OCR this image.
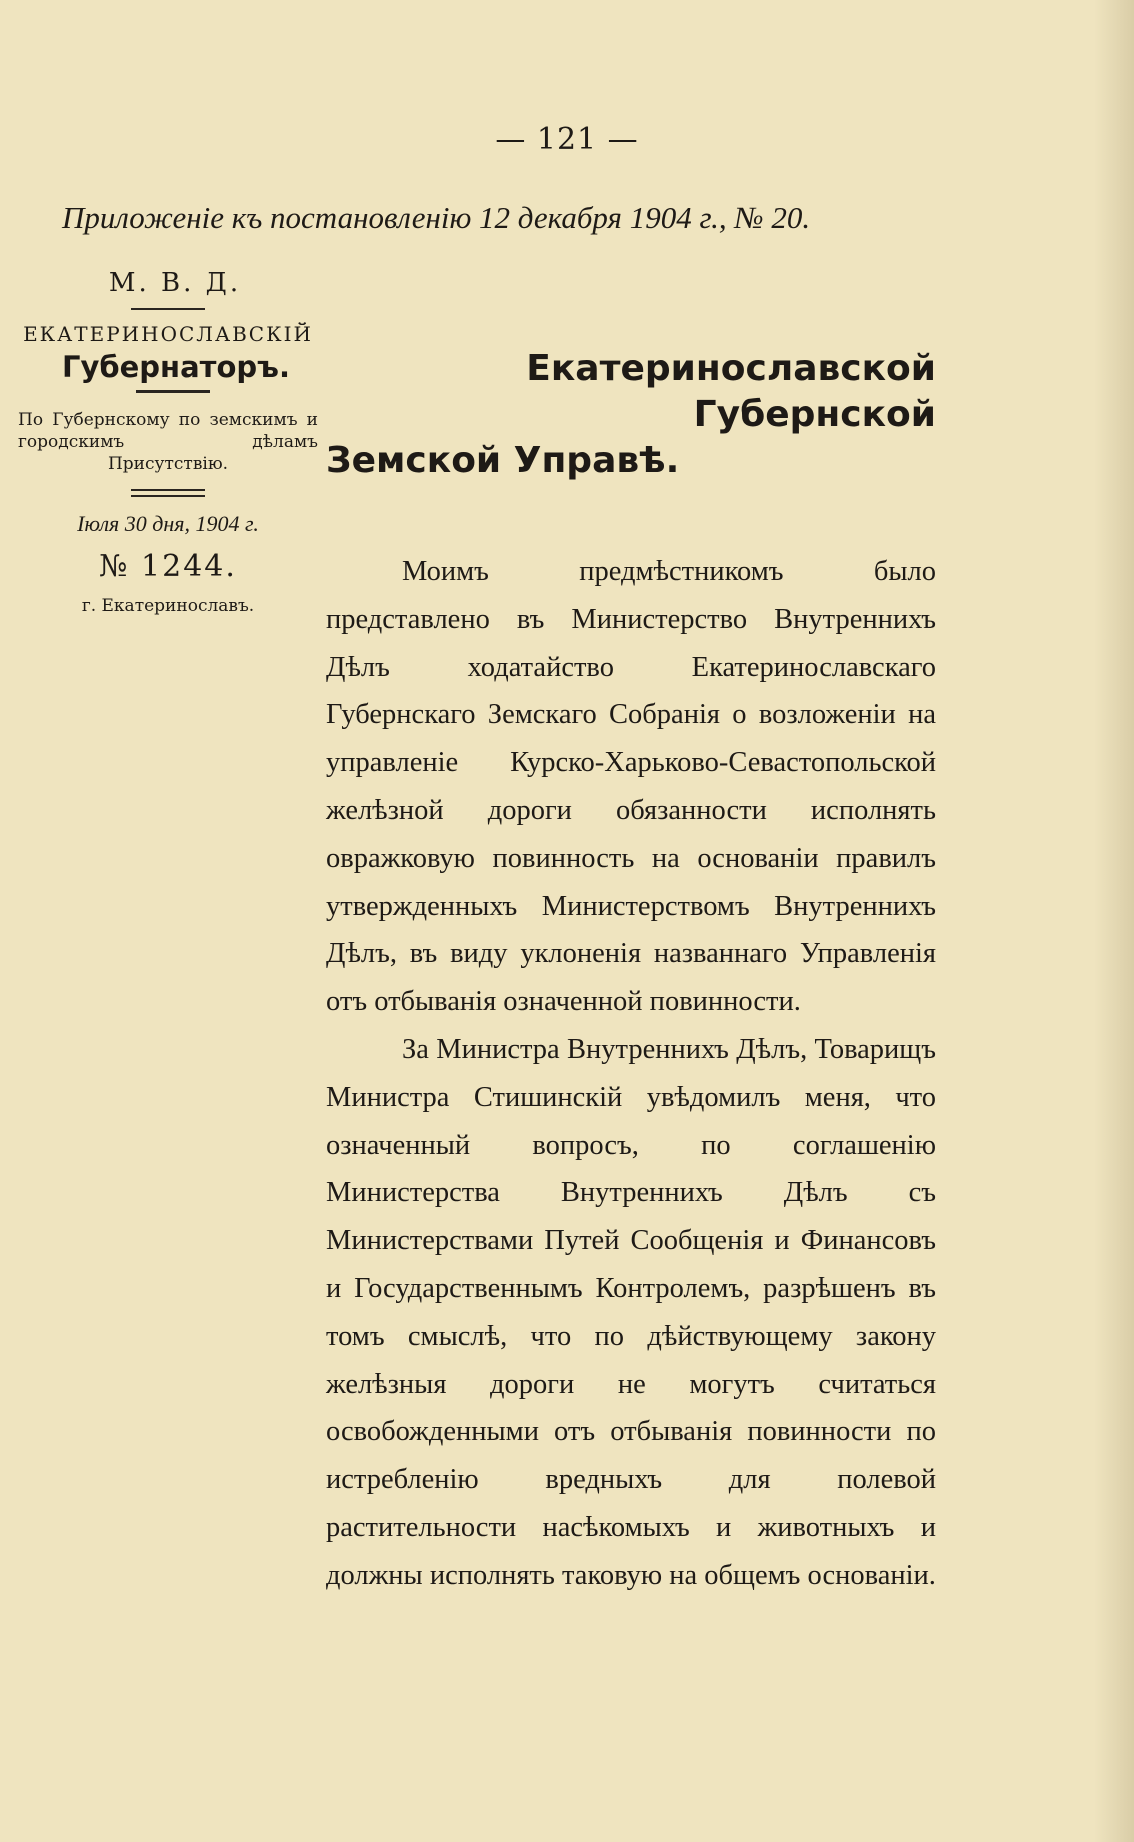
— 121 —
Приложеніе къ постановленію 12 декабря 1904 г., № 20.
М. В. Д.
ЕКАТЕРИНОСЛАВСКІЙ
Губернаторъ.
По Губернскому по земскимъ и городскимъ дѣламъ Присутствію.
Іюля 30 дня, 1904 г.
№ 1244.
г. Екатеринославъ.
Екатеринославской Губернской
Земской Управѣ.

Моимъ предмѣстникомъ было представлено въ Министерство Внутреннихъ Дѣлъ ходатайство Екатеринославскаго Губернскаго Земскаго Собранія о возложеніи на управленіе Курско-Харьково-Севастопольской желѣзной дороги обязанности исполнять овражковую повинность на основаніи правилъ утвержденныхъ Министерствомъ Внутреннихъ Дѣлъ, въ виду уклоненія названнаго Управленія отъ отбыванія означенной повинности.

За Министра Внутреннихъ Дѣлъ, Товарищъ Министра Стишинскій увѣдомилъ меня, что означенный вопросъ, по соглашенію Министерства Внутреннихъ Дѣлъ съ Министерствами Путей Сообщенія и Финансовъ и Государственнымъ Контролемъ, разрѣшенъ въ томъ смыслѣ, что по дѣйствующему закону желѣзныя дороги не могутъ считаться освобожденными отъ отбыванія повинности по истребленію вредныхъ для полевой растительности насѣкомыхъ и животныхъ и должны исполнять таковую на общемъ основаніи.
